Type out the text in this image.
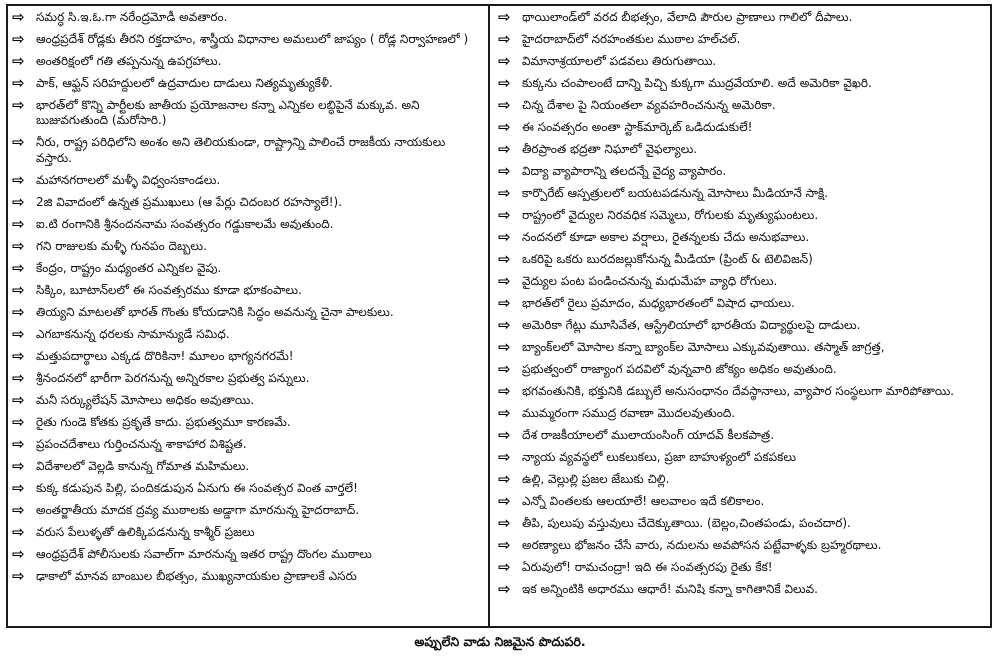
⇨ సమర్ధ సి.ఇ.ఓ.గా నరేంద్రమోడీ అవతారం.
⇨ ఆంధ్రప్రదేశ్ రోడ్లకు తీరని రక్తదాహం, శాస్త్రీయ విధానాల అమలులో జాప్యం ( రోడ్ల నిర్వాహణలో )
⇨ అంతరిక్షంలో గతి తప్పనున్న ఉపగ్రహాలు.
⇨ పాక్, ఆఫ్ఘన్ సరిహద్దులలో ఉద్రవాదుల దాడులు నిత్యమృత్యుకేళీ.
⇨ భారత్‌లో కొన్ని పార్టీలకు జాతీయ ప్రయోజనాల కన్నా ఎన్నికల లబ్ధిపైనే మక్కువ. అని బుజువగుతుంది (మరోసారి.)
⇨ నీరు, రాష్ట్ర పరిధిలోని అంశం అని తెలియకుండా, రాష్ట్రాన్ని పాలించే రాజకీయ నాయకులు వస్తారు.
⇨ మహానగరాలలో మళ్ళీ విధ్వంసకాండలు.
⇨ 2జి వివాదంలో ఉన్నత ప్రముఖులు (ఆ పేర్లు చిదంబర రహస్యాలే!).
⇨ ఐ.టి రంగానికి శ్రీనందననామ సంవత్సరం గడ్డుకాలమే అవుతుంది.
⇨ గని రాజులకు మళ్ళీ గునపం దెబ్బలు.
⇨ కేంద్రం, రాష్ట్రం మధ్యంతర ఎన్నికల వైపు.
⇨ సిక్కిం, బూటాన్‌లలో ఈ సంవత్సరము కూడా భూకంపాలు.
⇨ తియ్యని మాటలతో భారత్ గొంతు కోయడానికి సిద్ధం అవనున్న చైనా పాలకులు.
⇨ ఎగబాకనున్న ధరలకు సామాన్యుడే సమిధ.
⇨ మత్తుపదార్థాలు ఎక్కడ దొరికినా! మూలం భాగ్యనగరమే!
⇨ శ్రీనందనలో భారీగా పెరగనున్న అన్నిరకాల ప్రభుత్వ పన్నులు.
⇨ మనీ సర్క్యులేషన్ మోసాలు అధికం అవుతాయి.
⇨ రైతు గుండె కోతకు ప్రకృతే కాదు. ప్రభుత్వమూ కారణమే.
⇨ ప్రపంచదేశాలు గుర్తించనున్న శాకాహార విశిష్టత.
⇨ విదేశాలలో వెల్లడి కానున్న గోమాత మహిమలు.
⇨ కుక్క కడుపున పిల్లి, పందికడుపున ఏనుగు ఈ సంవత్సర వింత వార్తలే!
⇨ అంతర్జాతీయ మాదక ద్రవ్య ముఠాలకు అడ్డాగా మారనున్న హైదరాబాద్.
⇨ వరుస పేలుళ్ళతో ఉలిక్కిపడనున్న కాశ్మీర్ ప్రజలు
⇨ ఆంధ్రప్రదేశ్ పోలీసులకు సవాల్‌గా మారనున్న ఇతర రాష్ట్ర దొంగల ముఠాలు
⇨ ఢాకాలో మానవ బాంబుల బీభత్సం, ముఖ్యనాయకుల ప్రాణాలకే ఎసరు
⇨ థాయిలాండ్‌లో వరద బీభత్సం, వేలాది పౌరుల ప్రాణాలు గాలిలో దీపాలు.
⇨ హైదరాబాద్‌లో నరహంతకుల ముఠాల హల్‌చల్.
⇨ విమానాశ్రయాలలో పడవలు తిరుగుతాయి.
⇨ కుక్కను చంపాలంటే దాన్ని పిచ్చి కుక్కగా ముద్రవేయాలి. అదే అమెరికా వైఖరి.
⇨ చిన్న దేశాల పై నియంతలా వ్యవహరించనున్న అమెరికా.
⇨ ఈ సంవత్సరం అంతా స్టాక్‌మార్కెట్ ఒడిదుడుకులే!
⇨ తీరప్రాంత భద్రతా నిఘాలో వైఫల్యాలు.
⇨ విద్యా వ్యాపారాన్ని తలదన్నే వైద్య వ్యాపారం.
⇨ కార్పొరేట్ ఆస్పత్రులలో బయటపడనున్న మోసాలు మీడియానే సాక్షి.
⇨ రాష్ట్రంలో వైద్యుల నిరవధిక సమ్మెలు, రోగులకు మృత్యుఘంటలు.
⇨ నందనలో కూడా అకాల వర్షాలు, రైతన్నలకు చేదు అనుభవాలు.
⇨ ఒకరిపై ఒకరు బురదజల్లుకోనున్న మీడియా (ప్రింట్ & టెలివిజన్)
⇨ వైద్యుల పంట పండించనున్న మధుమేహ వ్యాధి రోగులు.
⇨ భారత్‌లో రైలు ప్రమాదం, మధ్యభారతంలో విషాద ఛాయలు.
⇨ అమెరికా గేట్లు మూసివేత, ఆస్ట్రేలియాలో భారతీయ విద్యార్థులపై దాడులు.
⇨ బ్యాంక్‌లలో మోసాల కన్నా బ్యాంక్‌ల మోసాలు ఎక్కువవుతాయి. తస్మాత్ జాగ్రత్త,
⇨ ప్రభుత్వంలో రాజ్యాంగ పదవిలో వున్నవారి జోక్యం అధికం అవుతుంది.
⇨ భగవంతునికి, భక్తునికి డబ్బులే అనుసంధానం దేవస్థానాలు, వ్యాపార సంస్థలుగా మారిపోతాయి.
⇨ ముమ్మరంగా సముద్ర రవాణా మొదలవుతుంది.
⇨ దేశ రాజకీయాలలో ములాయంసింగ్ యాదవ్ కీలకపాత్ర.
⇨ న్యాయ వ్యవస్థలో లుకలుకలు, ప్రజా బాహుళ్యంలో పకపకలు
⇨ ఉల్లి, వెల్లుల్లి ప్రజల జేబుకు చిల్లి.
⇨ ఎన్నో వింతలకు ఆలయాలే! ఆలవాలం ఇదే కలికాలం.
⇨ తీపి, పులుపు వస్తువులు చేదెక్కుతాయి. (బెల్లం,చింతపండు, పంచదార).
⇨ అరణ్యాలు భోజనం చేసే వారు, నదులను అవపోసన పట్టేవాళ్ళకు బ్రహ్మరథాలు.
⇨ ఏరువులో! రామచంద్రా! ఇది ఈ సంవత్సరపు రైతు కేక!
⇨ ఇక అన్నింటికి అధారము ఆధారే! మనిషి కన్నా కాగితానికే విలువ.
అప్పులేని వాడు నిజమైన పొదుపరి.
